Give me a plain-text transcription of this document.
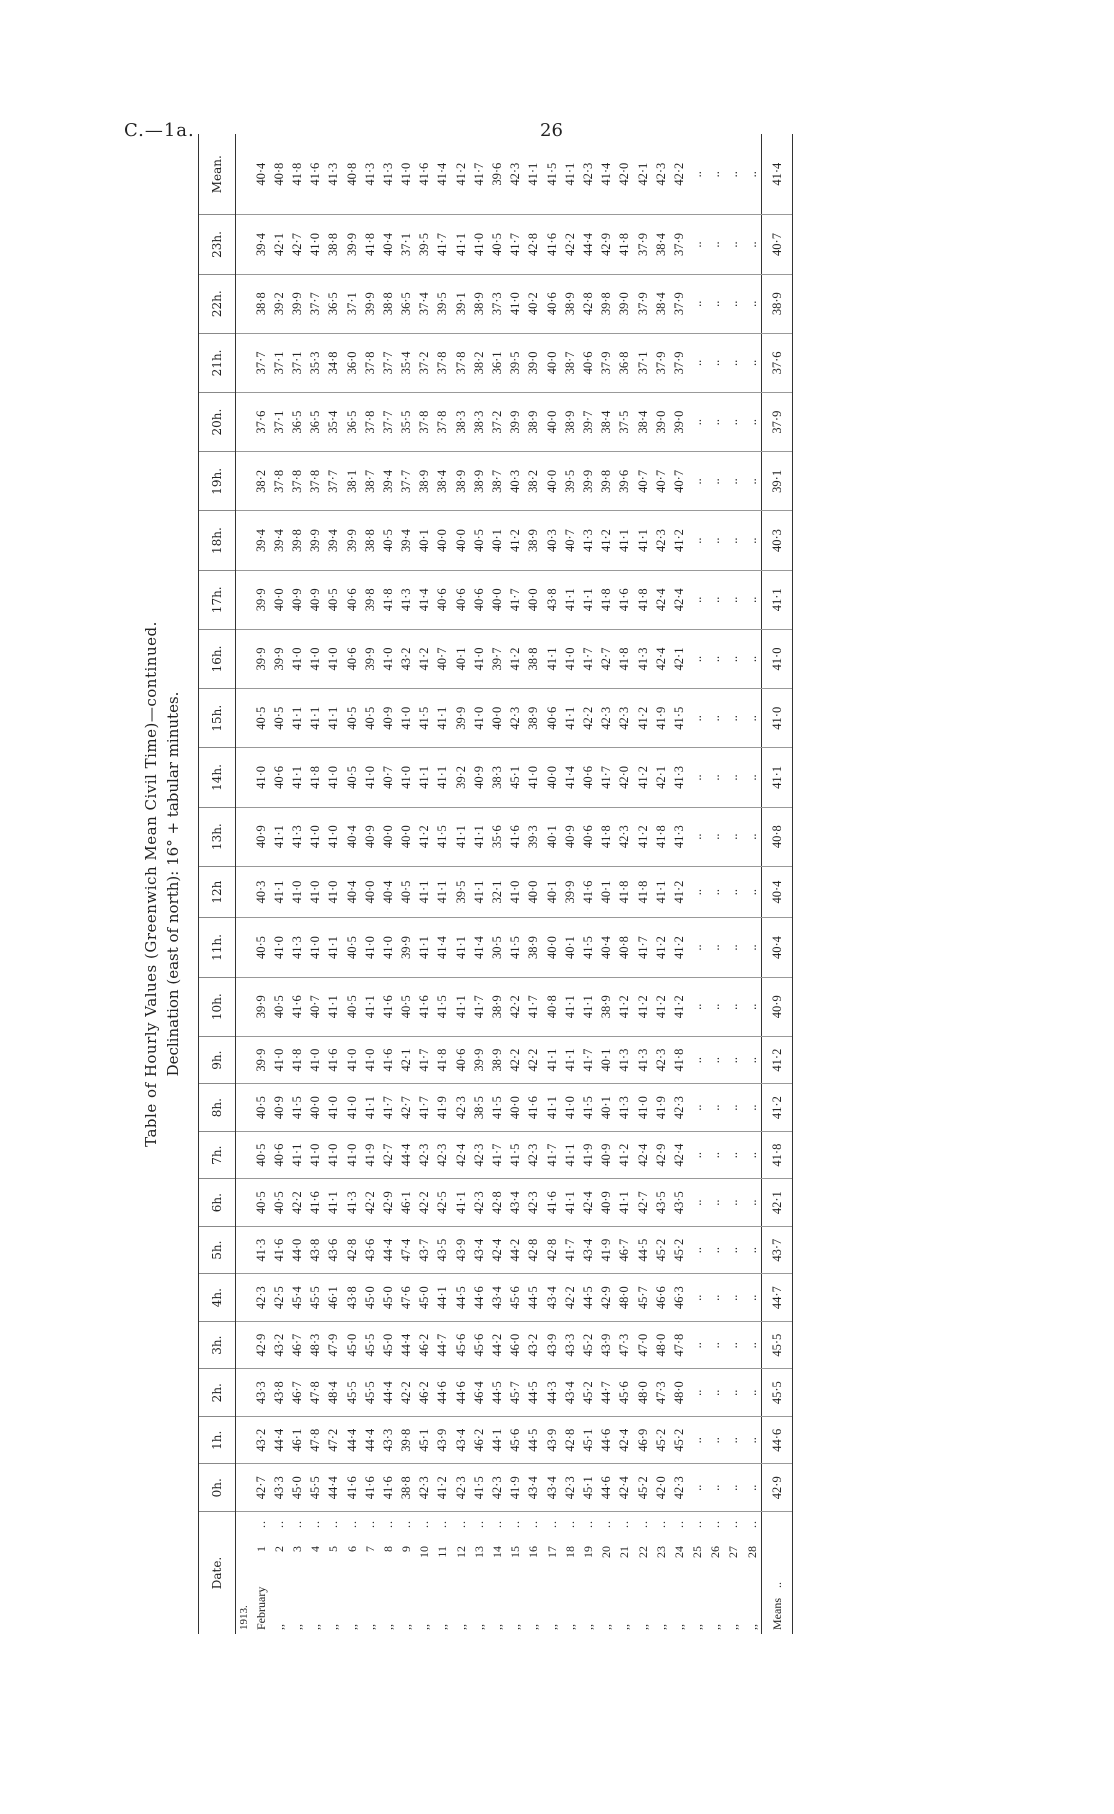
C.—1a.	26
Table of Hourly Values (Greenwich Mean Civil Time)—continued. Declination (east of north): 16° + tabular minutes.
Date.	0h.	1h.	2h.	3h.	4h.	5h.	6h.	7h.	8h.	9h.	10h.	11h.	12h	13h.	14h.	15h.	16h.	17h.	18h.	19h.	20h.	21h.	22h.	23h.	Mean.
1913.																									
February1..	42·7	43·2	43·3	42·9	42·3	41·3	40·5	40·5	40·5	39·9	39·9	40·5	40·3	40·9	41·0	40·5	39·9	39·9	39·4	38·2	37·6	37·7	38·8	39·4	40·4
,,2..	43·3	44·4	43·8	43·2	42·5	41·6	40·5	40·6	40·9	41·0	40·5	41·0	41·1	41·1	40·6	40·5	39·9	40·0	39·4	37·8	37·1	37·1	39·2	42·1	40·8
,,3..	45·0	46·1	46·7	46·7	45·4	44·0	42·2	41·1	41·5	41·8	41·6	41·3	41·0	41·3	41·1	41·1	41·0	40·9	39·8	37·8	36·5	37·1	39·9	42·7	41·8
,,4..	45·5	47·8	47·8	48·3	45·5	43·8	41·6	41·0	40·0	41·0	40·7	41·0	41·0	41·0	41·8	41·1	41·0	40·9	39·9	37·8	36·5	35·3	37·7	41·0	41·6
,,5..	44·4	47·2	48·4	47·9	46·1	43·6	41·1	41·0	41·0	41·6	41·1	41·1	41·0	41·0	41·0	41·1	41·0	40·5	39·4	37·7	35·4	34·8	36·5	38·8	41·3
,,6..	41·6	44·4	45·5	45·0	43·8	42·8	41·3	41·0	41·0	41·0	40·5	40·5	40·4	40·4	40·5	40·5	40·6	40·6	39·9	38·1	36·5	36·0	37·1	39·9	40·8
,,7..	41·6	44·4	45·5	45·5	45·0	43·6	42·2	41·9	41·1	41·0	41·1	41·0	40·0	40·9	41·0	40·5	39·9	39·8	38·8	38·7	37·8	37·8	39·9	41·8	41·3
,,8..	41·6	43·3	44·4	45·0	45·0	44·4	42·9	42·7	41·7	41·6	41·6	41·0	40·4	40·0	40·7	40·9	41·0	41·8	40·5	39·4	37·7	37·7	38·8	40·4	41·3
,,9..	38·8	39·8	42·2	44·4	47·6	47·4	46·1	44·4	42·7	42·1	40·5	39·9	40·5	40·0	41·0	41·0	43·2	41·3	39·4	37·7	35·5	35·4	36·5	37·1	41·0
,,10..	42·3	45·1	46·2	46·2	45·0	43·7	42·2	42·3	41·7	41·7	41·6	41·1	41·1	41·2	41·1	41·5	41·2	41·4	40·1	38·9	37·8	37·2	37·4	39·5	41·6
,,11..	41·2	43·9	44·6	44·7	44·1	43·5	42·5	42·3	41·9	41·8	41·5	41·4	41·1	41·5	41·1	41·1	40·7	40·6	40·0	38·4	37·8	37·8	39·5	41·7	41·4
,,12..	42·3	43·4	44·6	45·6	44·5	43·9	41·1	42·4	42·3	40·6	41·1	41·1	39·5	41·1	39·2	39·9	40·1	40·6	40·0	38·9	38·3	37·8	39·1	41·1	41·2
,,13..	41·5	46·2	46·4	45·6	44·6	43·4	42·3	42·3	38·5	39·9	41·7	41·4	41·1	41·1	40·9	41·0	41·0	40·6	40·5	38·9	38·3	38·2	38·9	41·0	41·7
,,14..	42·3	44·1	44·5	44·2	43·4	42·4	42·8	41·7	41·5	38·9	38·9	30·5	32·1	35·6	38·3	40·0	39·7	40·0	40·1	38·7	37·2	36·1	37·3	40·5	39·6
,,15..	41·9	45·6	45·7	46·0	45·6	44·2	43·4	41·5	40·0	42·2	42·2	41·5	41·0	41·6	45·1	42·3	41·2	41·7	41·2	40·3	39·9	39·5	41·0	41·7	42·3
,,16..	43·4	44·5	44·5	43·2	44·5	42·8	42·3	42·3	41·6	42·2	41·7	38·9	40·0	39·3	41·0	38·9	38·8	40·0	38·9	38·2	38·9	39·0	40·2	42·8	41·1
,,17..	43·4	43·9	44·3	43·9	43·4	42·8	41·6	41·7	41·1	41·1	40·8	40·0	40·1	40·1	40·0	40·6	41·1	43·8	40·3	40·0	40·0	40·0	40·6	41·6	41·5
,,18..	42·3	42·8	43·4	43·3	42·2	41·7	41·1	41·1	41·0	41·1	41·1	40·1	39·9	40·9	41·4	41·1	41·0	41·1	40·7	39·5	38·9	38·7	38·9	42·2	41·1
,,19..	45·1	45·1	45·2	45·2	44·5	43·4	42·4	41·9	41·5	41·7	41·1	41·5	41·6	40·6	40·6	42·2	41·7	41·1	41·3	39·9	39·7	40·6	42·8	44·4	42·3
,,20..	44·6	44·6	44·7	43·9	42·9	41·9	40·9	40·9	40·1	40·1	38·9	40·4	40·1	41·8	41·7	42·3	42·7	41·8	41·2	39·8	38·4	37·9	39·8	42·9	41·4
,,21..	42·4	42·4	45·6	47·3	48·0	46·7	41·1	41·2	41·3	41·3	41·2	40·8	41·8	42·3	42·0	42·3	41·8	41·6	41·1	39·6	37·5	36·8	39·0	41·8	42·0
,,22..	45·2	46·9	48·0	47·0	45·7	44·5	42·7	42·4	41·0	41·3	41·2	41·7	41·8	41·2	41·2	41·2	41·3	41·8	41·1	40·7	38·4	37·1	37·9	37·9	42·1
,,23..	42·0	45·2	47·3	48·0	46·6	45·2	43·5	42·9	41·9	42·3	41·2	41·2	41·1	41·8	42·1	41·9	42·4	42·4	42·3	40·7	39·0	37·9	38·4	38·4	42·3
,,24..	42·3	45·2	48·0	47·8	46·3	45·2	43·5	42·4	42·3	41·8	41·2	41·2	41·2	41·3	41·3	41·5	42·1	42·4	41·2	40·7	39·0	37·9	37·9	37·9	42·2
,,25..	..	..	..	..	..	..	..	..	..	..	..	..	..	..	..	..	..	..	..	..	..	..	..	..	..
,,26..	..	..	..	..	..	..	..	..	..	..	..	..	..	..	..	..	..	..	..	..	..	..	..	..	..
,,27..	..	..	..	..	..	..	..	..	..	..	..	..	..	..	..	..	..	..	..	..	..	..	..	..	..
,,28..	..	..	..	..	..	..	..	..	..	..	..	..	..	..	..	..	..	..	..	..	..	..	..	..	..
Means..	42·9	44·6	45·5	45·5	44·7	43·7	42·1	41·8	41·2	41·2	40·9	40·4	40·4	40·8	41·1	41·0	41·0	41·1	40·3	39·1	37·9	37·6	38·9	40·7	41·4
